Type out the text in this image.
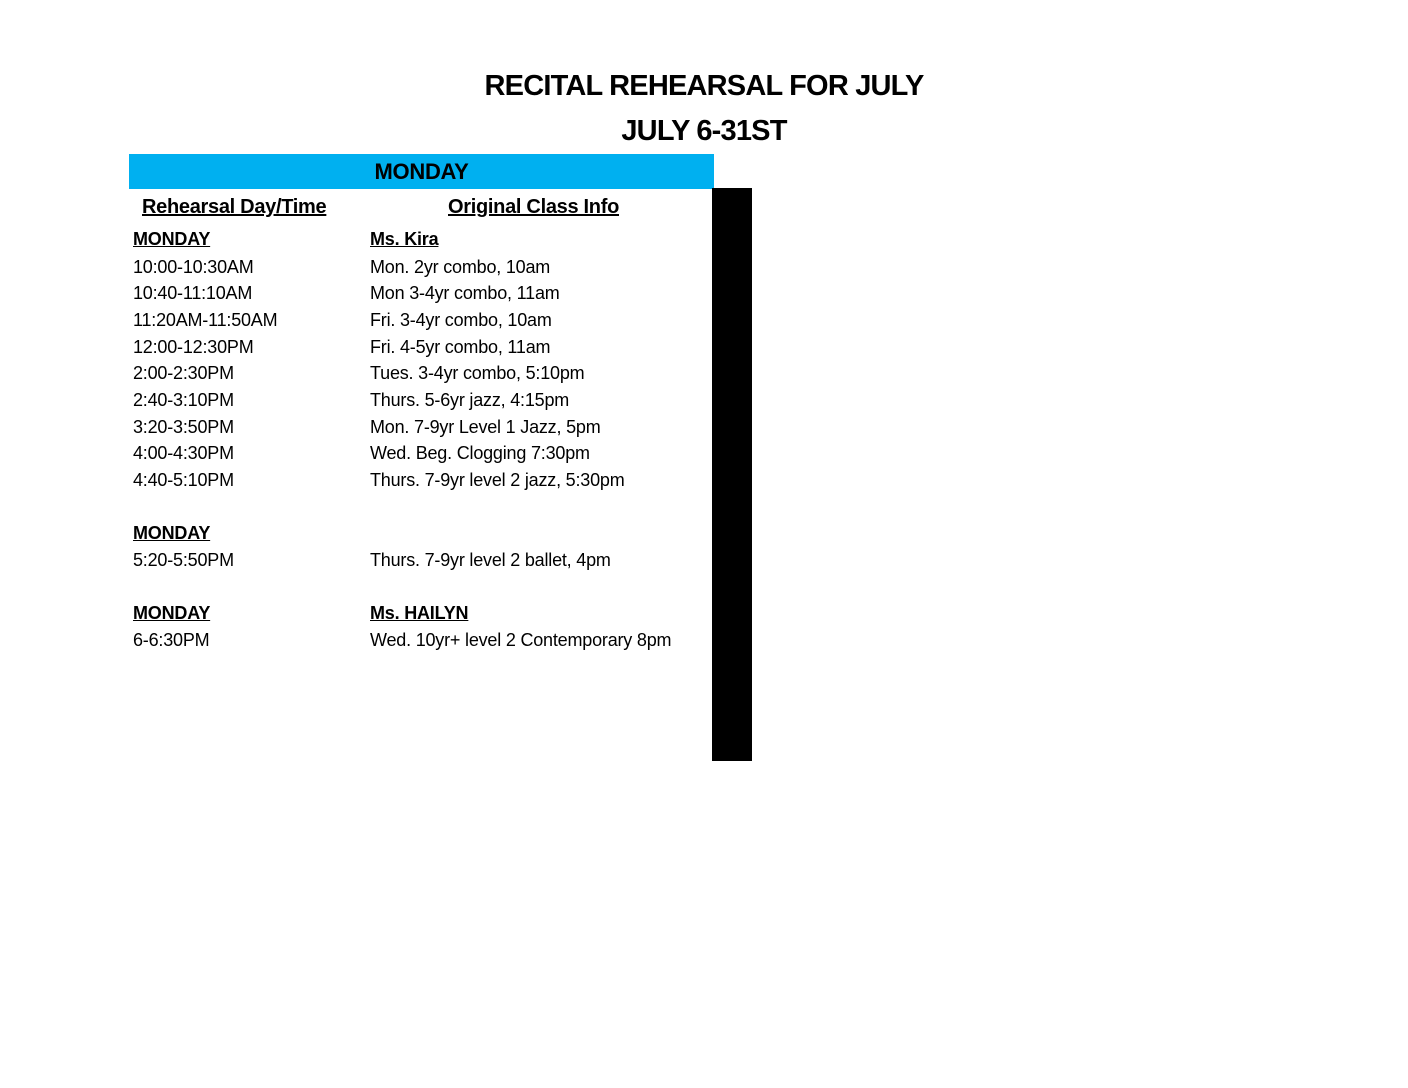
RECITAL REHEARSAL FOR JULY
JULY 6-31ST
MONDAY
Rehearsal Day/Time	Original Class Info
MONDAY	Ms. Kira
10:00-10:30AM	Mon. 2yr combo, 10am
10:40-11:10AM	Mon 3-4yr combo, 11am
11:20AM-11:50AM	Fri. 3-4yr combo, 10am
12:00-12:30PM	Fri. 4-5yr combo, 11am
2:00-2:30PM	Tues. 3-4yr combo, 5:10pm
2:40-3:10PM	Thurs. 5-6yr jazz, 4:15pm
3:20-3:50PM	Mon. 7-9yr Level 1 Jazz, 5pm
4:00-4:30PM	Wed. Beg. Clogging 7:30pm
4:40-5:10PM	Thurs. 7-9yr level 2 jazz, 5:30pm
MONDAY
5:20-5:50PM	Thurs. 7-9yr level 2 ballet, 4pm
MONDAY	Ms. HAILYN
6-6:30PM	Wed. 10yr+ level 2 Contemporary 8pm
